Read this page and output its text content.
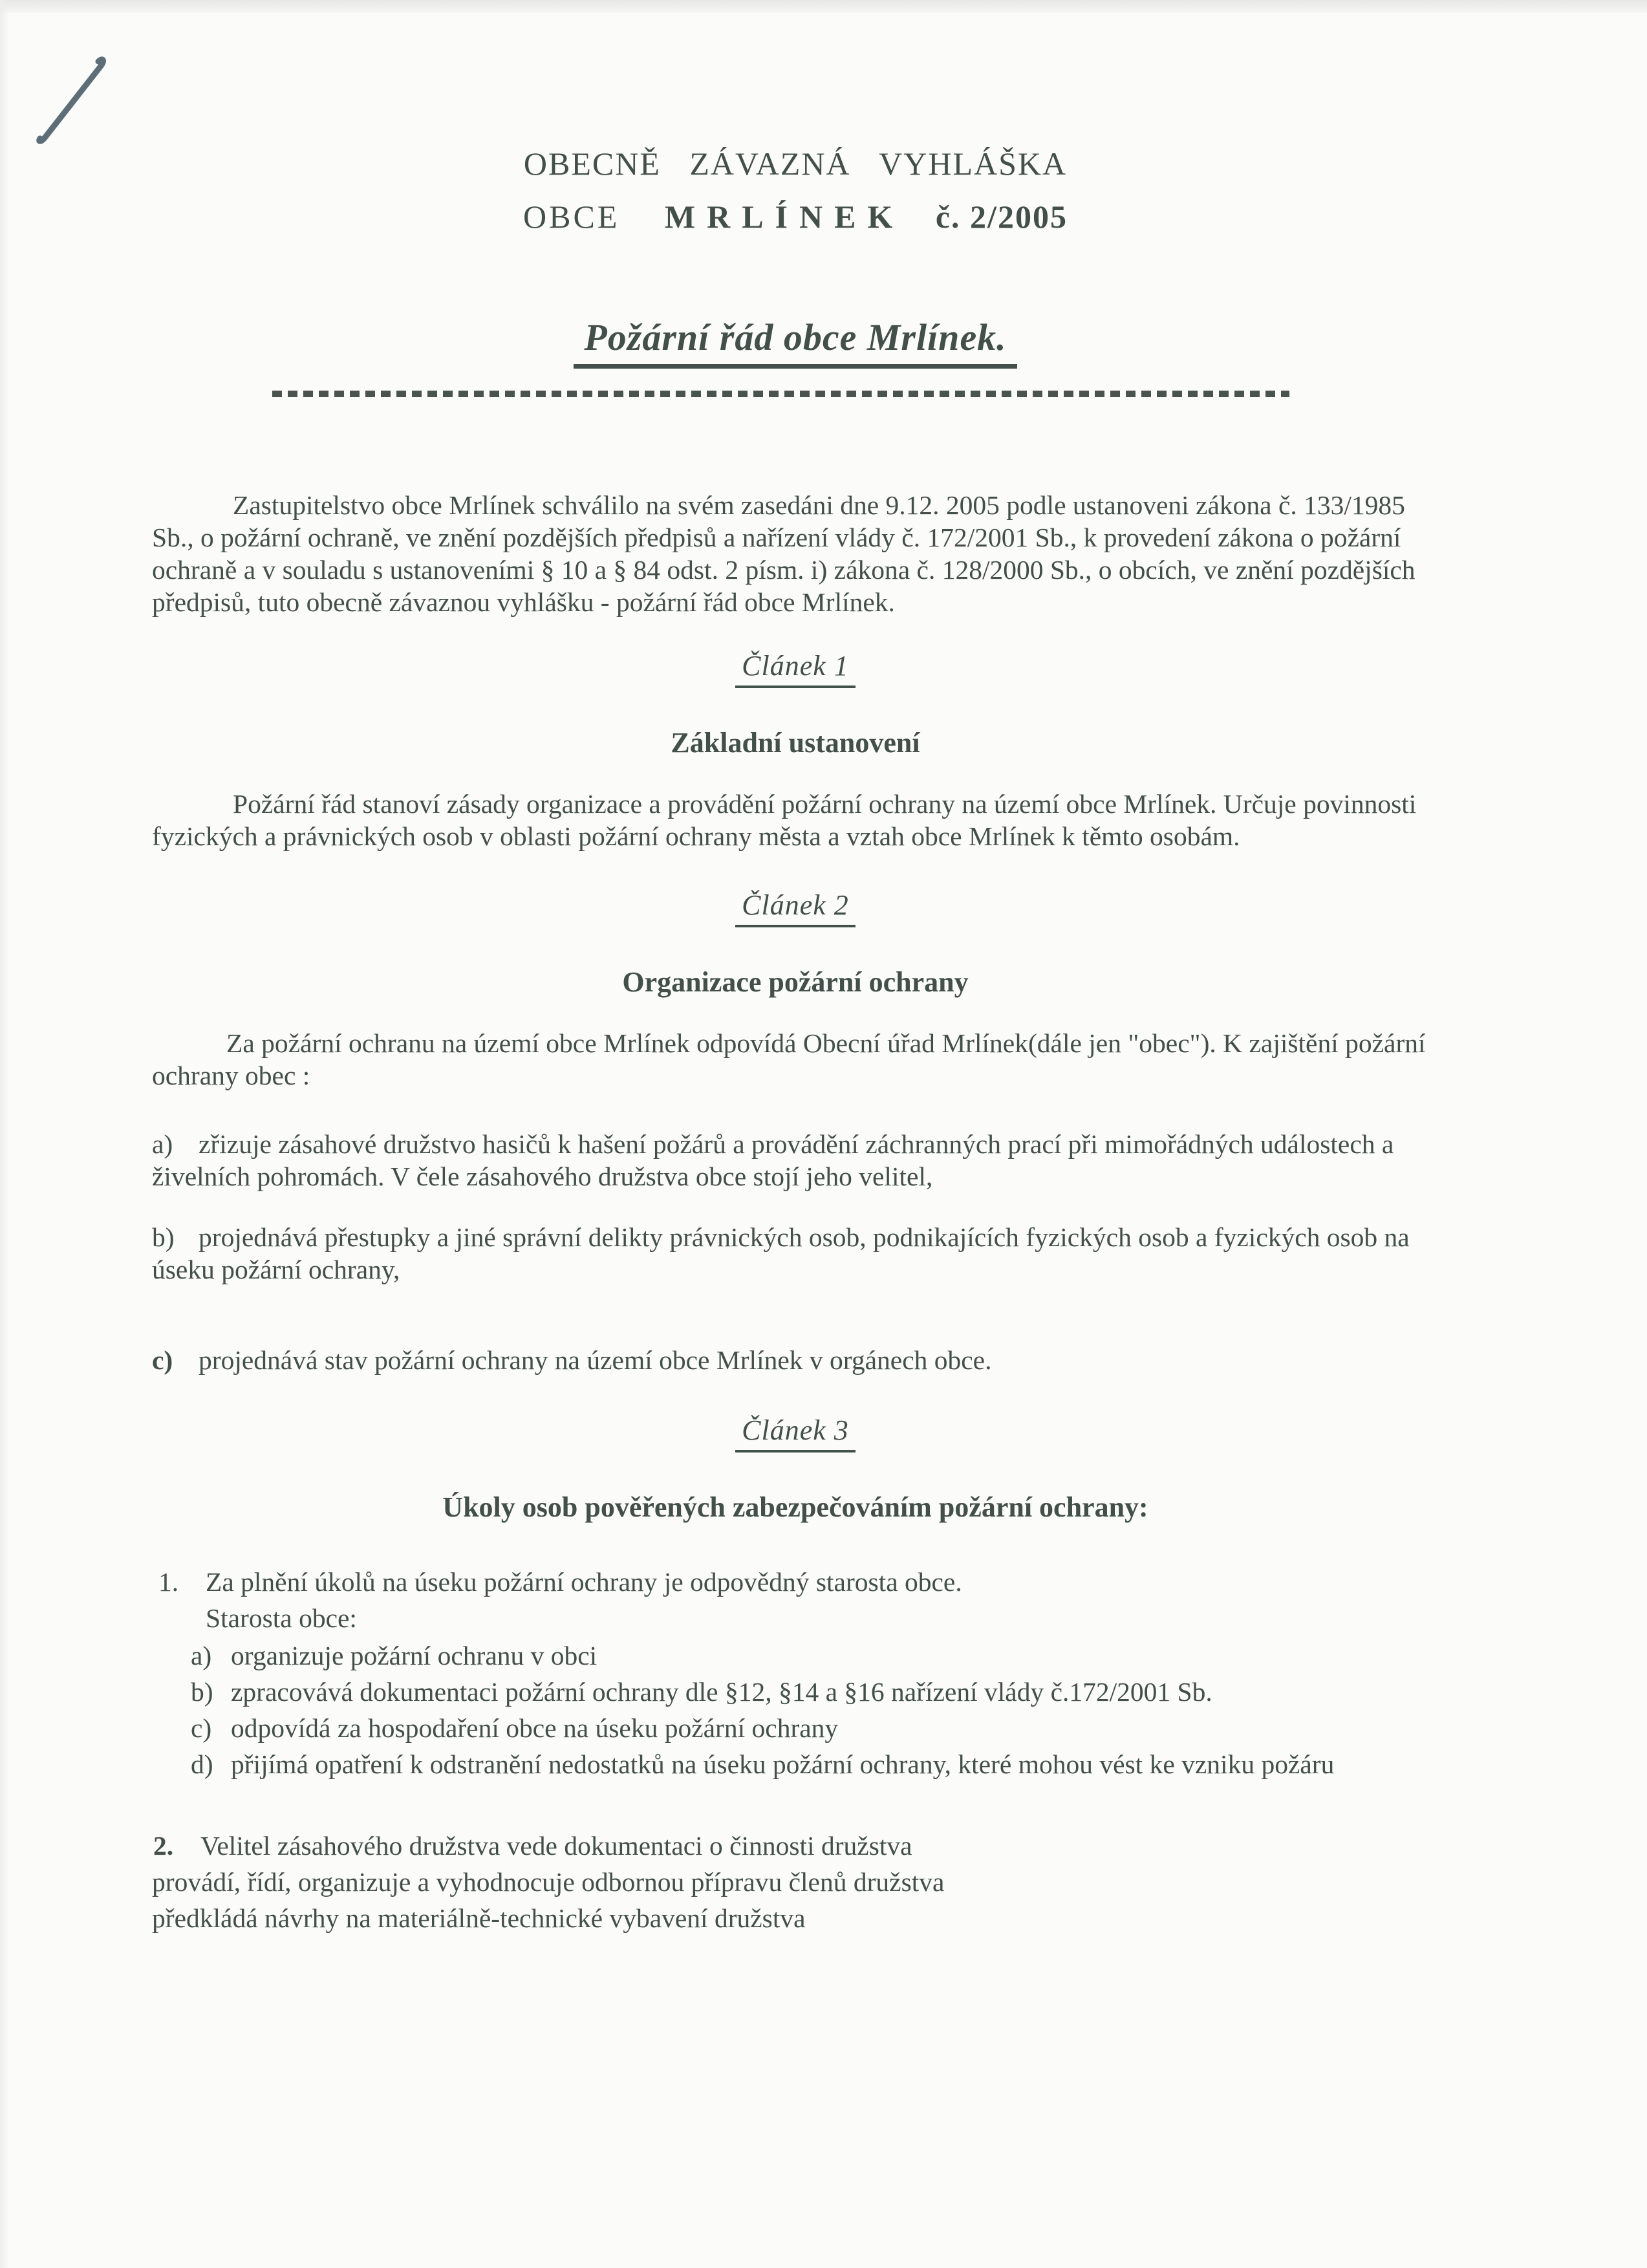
OBECNĚ ZÁVAZNÁ VYHLÁŠKA
OBCE MRLÍNEK č. 2/2005
Požární řád obce Mrlínek.

Zastupitelstvo obce Mrlínek schválilo na svém zasedáni dne 9.12. 2005 podle ustanoveni zákona č. 133/1985 Sb., o požární ochraně, ve znění pozdějších předpisů a nařízení vlády č. 172/2001 Sb., k provedení zákona o požární ochraně a v souladu s ustanoveními § 10 a § 84 odst. 2 písm. i) zákona č. 128/2000 Sb., o obcích, ve znění pozdějších předpisů, tuto obecně závaznou vyhlášku - požární řád obce Mrlínek.

Článek 1
Základní ustanovení

Požární řád stanoví zásady organizace a provádění požární ochrany na území obce Mrlínek. Určuje povinnosti fyzických a právnických osob v oblasti požární ochrany města a vztah obce Mrlínek k těmto osobám.

Článek 2
Organizace požární ochrany

Za požární ochranu na území obce Mrlínek odpovídá Obecní úřad Mrlínek(dále jen "obec"). K zajištění požární ochrany obec :

a) zřizuje zásahové družstvo hasičů k hašení požárů a provádění záchranných prací při mimořádných událostech a živelních pohromách. V čele zásahového družstva obce stojí jeho velitel,

b) projednává přestupky a jiné správní delikty právnických osob, podnikajících fyzických osob a fyzických osob na úseku požární ochrany,

c) projednává stav požární ochrany na území obce Mrlínek v orgánech obce.

Článek 3
Úkoly osob pověřených zabezpečováním požární ochrany:
1. Za plnění úkolů na úseku požární ochrany je odpovědný starosta obce.
Starosta obce:
a) organizuje požární ochranu v obci
b) zpracovává dokumentaci požární ochrany dle §12, §14 a §16 nařízení vlády č.172/2001 Sb.
c) odpovídá za hospodaření obce na úseku požární ochrany
d) přijímá opatření k odstranění nedostatků na úseku požární ochrany, které mohou vést ke vzniku požáru
2. Velitel zásahového družstva vede dokumentaci o činnosti družstva
provádí, řídí, organizuje a vyhodnocuje odbornou přípravu členů družstva
předkládá návrhy na materiálně-technické vybavení družstva
